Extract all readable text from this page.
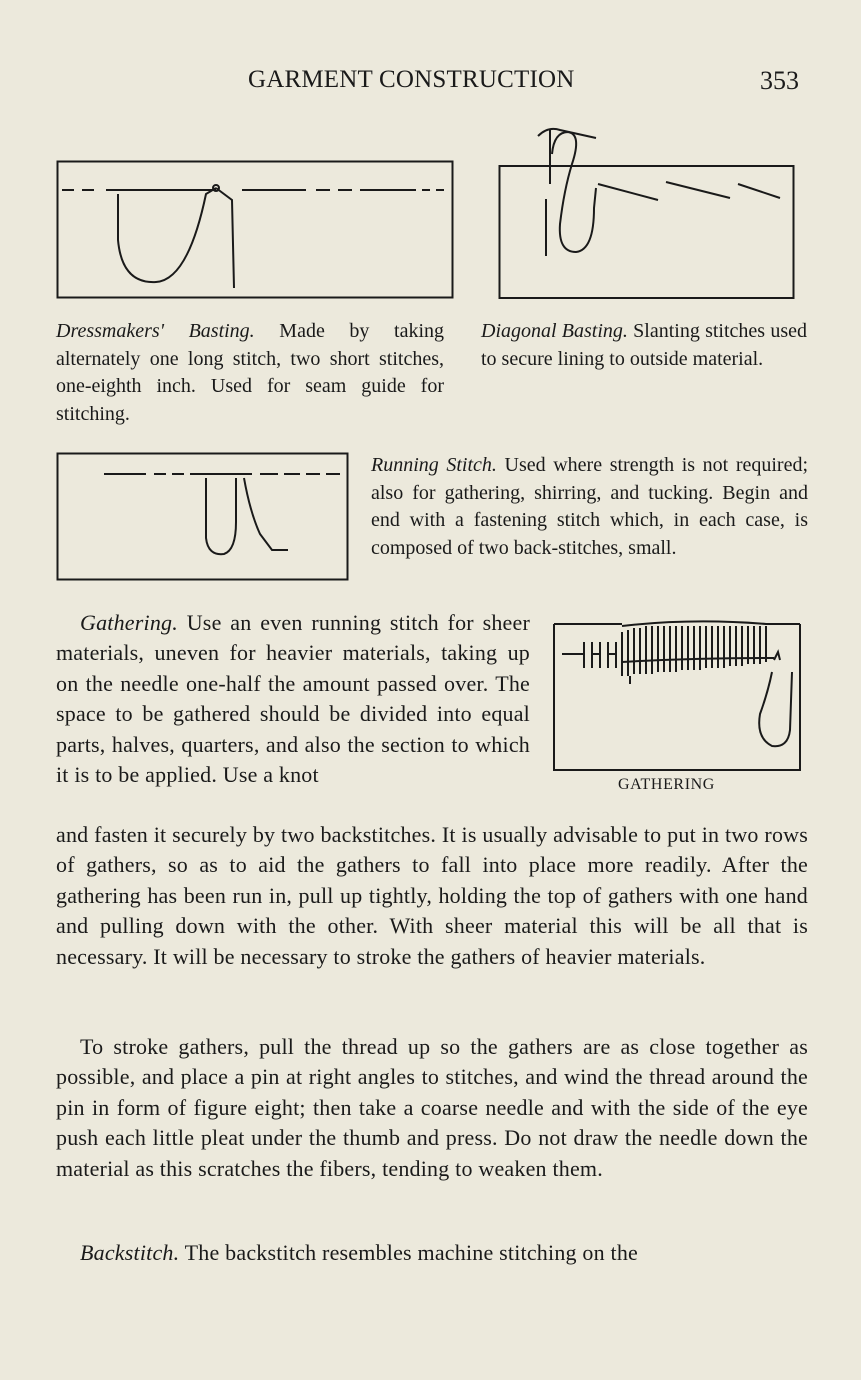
GARMENT CONSTRUCTION	353
Dressmakers' Basting. Made by taking alternately one long stitch, two short stitches, one-eighth inch. Used for seam guide for stitching.
Diagonal Basting. Slanting stitches used to secure lining to outside material.
Running Stitch. Used where strength is not required; also for gathering, shirring, and tucking. Begin and end with a fastening stitch which, in each case, is composed of two back-stitches, small.
GATHERING
Gathering. Use an even running stitch for sheer materials, uneven for heavier materials, taking up on the needle one-half the amount passed over. The space to be gathered should be divided into equal parts, halves, quarters, and also the section to which it is to be applied. Use a knot
and fasten it securely by two backstitches. It is usually advisable to put in two rows of gathers, so as to aid the gathers to fall into place more readily. After the gathering has been run in, pull up tightly, holding the top of gathers with one hand and pulling down with the other. With sheer material this will be all that is necessary. It will be necessary to stroke the gathers of heavier materials.
To stroke gathers, pull the thread up so the gathers are as close together as possible, and place a pin at right angles to stitches, and wind the thread around the pin in form of figure eight; then take a coarse needle and with the side of the eye push each little pleat under the thumb and press. Do not draw the needle down the material as this scratches the fibers, tending to weaken them.
Backstitch. The backstitch resembles machine stitching on the
